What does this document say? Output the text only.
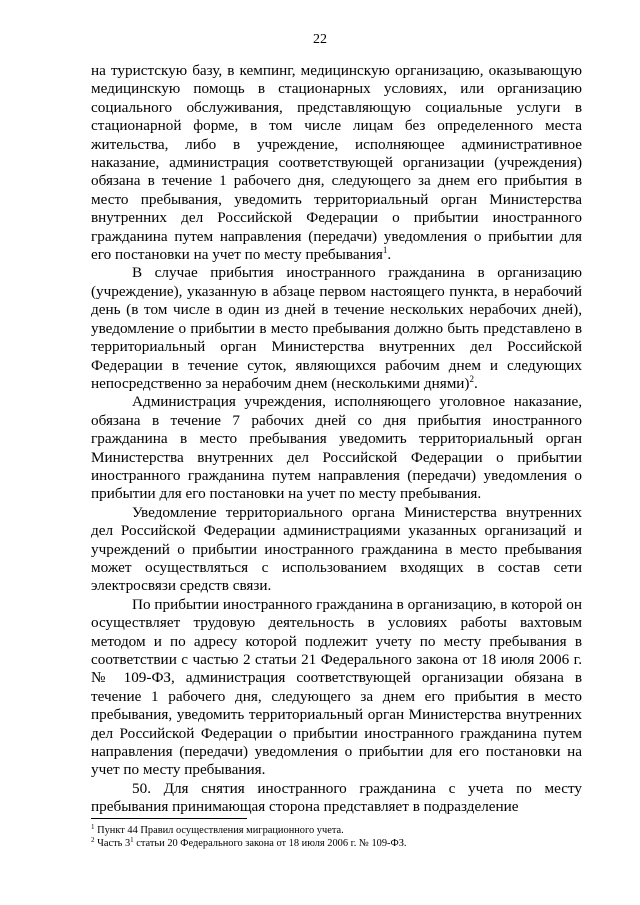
22

на туристскую базу, в кемпинг, медицинскую организацию, оказывающую медицинскую помощь в стационарных условиях, или организацию социального обслуживания, представляющую социальные услуги в стационарной форме, в том числе лицам без определенного места жительства, либо в учреждение, исполняющее административное наказание, администрация соответствующей организации (учреждения) обязана в течение 1 рабочего дня, следующего за днем его прибытия в место пребывания, уведомить территориальный орган Министерства внутренних дел Российской Федерации о прибытии иностранного гражданина путем направления (передачи) уведомления о прибытии для его постановки на учет по месту пребывания$^1$.

В случае прибытия иностранного гражданина в организацию (учреждение), указанную в абзаце первом настоящего пункта, в нерабочий день (в том числе в один из дней в течение нескольких нерабочих дней), уведомление о прибытии в место пребывания должно быть представлено в территориальный орган Министерства внутренних дел Российской Федерации в течение суток, являющихся рабочим днем и следующих непосредственно за нерабочим днем (несколькими днями)$^2$.

Администрация учреждения, исполняющего уголовное наказание, обязана в течение 7 рабочих дней со дня прибытия иностранного гражданина в место пребывания уведомить территориальный орган Министерства внутренних дел Российской Федерации о прибытии иностранного гражданина путем направления (передачи) уведомления о прибытии для его постановки на учет по месту пребывания.

Уведомление территориального органа Министерства внутренних дел Российской Федерации администрациями указанных организаций и учреждений о прибытии иностранного гражданина в место пребывания может осуществляться с использованием входящих в состав сети электросвязи средств связи.

По прибытии иностранного гражданина в организацию, в которой он осуществляет трудовую деятельность в условиях работы вахтовым методом и по адресу которой подлежит учету по месту пребывания в соответствии с частью 2 статьи 21 Федерального закона от 18 июля 2006 г. № 109-ФЗ, администрация соответствующей организации обязана в течение 1 рабочего дня, следующего за днем его прибытия в место пребывания, уведомить территориальный орган Министерства внутренних дел Российской Федерации о прибытии иностранного гражданина путем направления (передачи) уведомления о прибытии для его постановки на учет по месту пребывания.

50. Для снятия иностранного гражданина с учета по месту пребывания принимающая сторона представляет в подразделение

$^1$ Пункт 44 Правил осуществления миграционного учета.
$^2$ Часть $3^1$ статьи 20 Федерального закона от 18 июля 2006 г. № 109-ФЗ.
